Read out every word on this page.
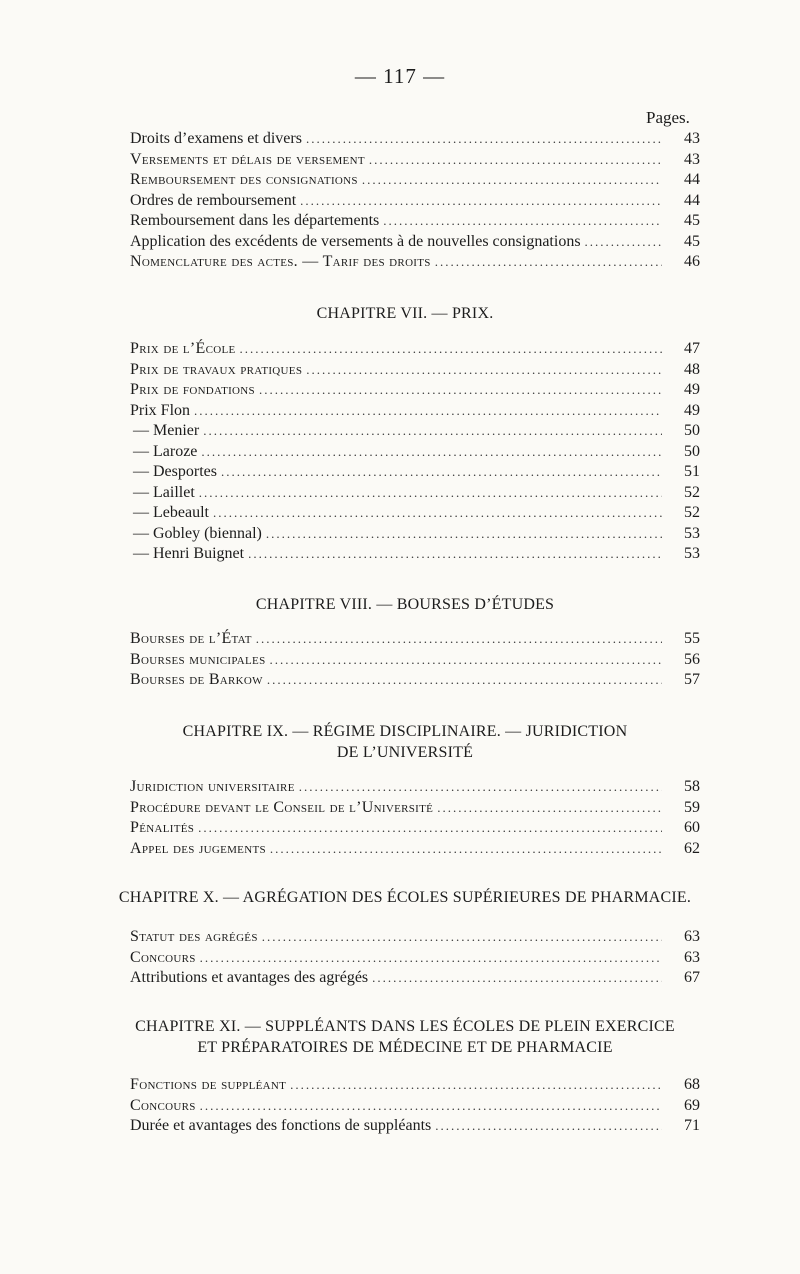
— 117 —
Pages.
Droits d’examens et divers .....	43
Versements et délais de versement .....	43
Remboursement des consignations .....	44
Ordres de remboursement .....	44
Remboursement dans les départements .....	45
Application des excédents de versements à de nouvelles consignations .....	45
Nomenclature des actes. — Tarif des droits .....	46
CHAPITRE VII. — PRIX.
Prix de l’École .....	47
Prix de travaux pratiques .....	48
Prix de fondations .....	49
Prix Flon .....	49
— Menier .....	50
— Laroze .....	50
— Desportes .....	51
— Laillet .....	52
— Lebeault .....	52
— Gobley (biennal) .....	53
— Henri Buignet .....	53
CHAPITRE VIII. — BOURSES D’ÉTUDES
Bourses de l’État .....	55
Bourses municipales .....	56
Bourses de Barkow .....	57
CHAPITRE IX. — RÉGIME DISCIPLINAIRE. — JURIDICTION
DE L’UNIVERSITÉ
Juridiction universitaire .....	58
Procédure devant le Conseil de l’Université .....	59
Pénalités .....	60
Appel des jugements .....	62
CHAPITRE X. — AGRÉGATION DES ÉCOLES SUPÉRIEURES DE PHARMACIE.
Statut des agrégés .....	63
Concours .....	63
Attributions et avantages des agrégés .....	67
CHAPITRE XI. — SUPPLÉANTS DANS LES ÉCOLES DE PLEIN EXERCICE
ET PRÉPARATOIRES DE MÉDECINE ET DE PHARMACIE
Fonctions de suppléant .....	68
Concours .....	69
Durée et avantages des fonctions de suppléants .....	71
